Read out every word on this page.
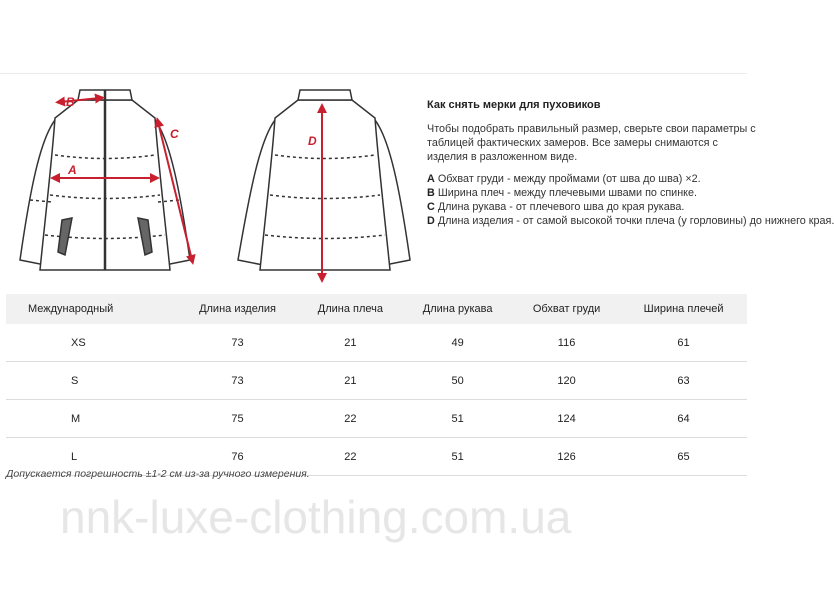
B
A
C	D
Как снять мерки для пуховиков
Чтобы подобрать правильный размер, сверьте свои параметры с таблицей фактических замеров. Все замеры снимаются с изделия в разложенном виде.
A Обхват груди - между проймами (от шва до шва) ×2.
B Ширина плеч - между плечевыми швами по спинке.
C Длина рукава - от плечевого шва до края рукава.
D Длина изделия - от самой высокой точки плеча (у горловины) до нижнего края.
Международный	Длина изделия	Длина плеча	Длина рукава	Обхват груди	Ширина плечей
XS	73	21	49	116	61
S	73	21	50	120	63
M	75	22	51	124	64
L	76	22	51	126	65
Допускается погрешность ±1-2 см из-за ручного измерения.
nnk-luxe-clothing.com.ua
